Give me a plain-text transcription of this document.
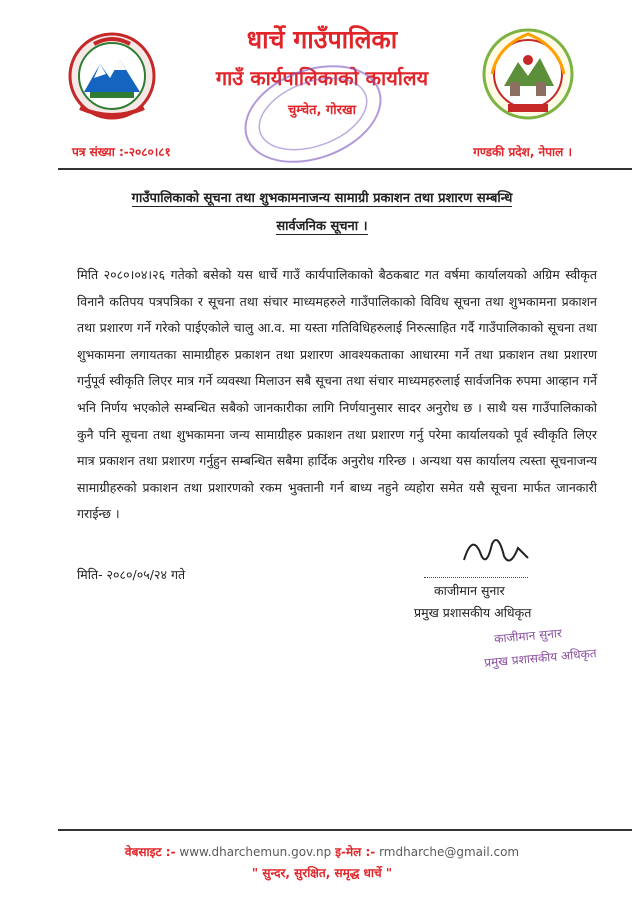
धार्चे गाउँपालिका
गाउँ कार्यपालिकाको कार्यालय
चुम्चेत, गोरखा
पत्र संख्या :-२०८०।८१	गण्डकी प्रदेश, नेपाल ।
गाउँपालिकाको सूचना तथा शुभकामनाजन्य सामाग्री प्रकाशन तथा प्रशारण सम्बन्धि
सार्वजनिक सूचना ।
मिति २०८०।०४।२६ गतेको बसेको यस धार्चे गाउँ कार्यपालिकाको बैठकबाट गत वर्षमा कार्यालयको अग्रिम स्वीकृत विनानै कतिपय पत्रपत्रिका र सूचना तथा संचार माध्यमहरुले गाउँपालिकाको विविध सूचना तथा शुभकामना प्रकाशन तथा प्रशारण गर्ने गरेको पाईएकोले चालु आ.व. मा यस्ता गतिविधिहरुलाई निरुत्साहित गर्दै गाउँपालिकाको सूचना तथा शुभकामना लगायतका सामाग्रीहरु प्रकाशन तथा प्रशारण आवश्यकताका आधारमा गर्ने तथा प्रकाशन तथा प्रशारण गर्नुपूर्व स्वीकृति लिएर मात्र गर्ने व्यवस्था मिलाउन सबै सूचना तथा संचार माध्यमहरुलाई सार्वजनिक रुपमा आव्हान गर्ने भनि निर्णय भएकोले सम्बन्धित सबैको जानकारीका लागि निर्णयानुसार सादर अनुरोध छ । साथै यस गाउँपालिकाको कुनै पनि सूचना तथा शुभकामना जन्य सामाग्रीहरु प्रकाशन तथा प्रशारण गर्नु परेमा कार्यालयको पूर्व स्वीकृति लिएर मात्र प्रकाशन तथा प्रशारण गर्नुहुन सम्बन्धित सबैमा हार्दिक अनुरोध गरिन्छ । अन्यथा यस कार्यालय त्यस्ता सूचनाजन्य सामाग्रीहरुको प्रकाशन तथा प्रशारणको रकम भुक्तानी गर्न बाध्य नहुने व्यहोरा समेत यसै सूचना मार्फत जानकारी गराईन्छ ।
मिति- २०८०/०५/२४ गते
काजीमान सुनार
प्रमुख प्रशासकीय अधिकृत
काजीमान सुनार
प्रमुख प्रशासकीय अधिकृत
वेबसाइट :- www.dharchemun.gov.np इ-मेल :- rmdharche@gmail.com
" सुन्दर, सुरक्षित, समृद्ध धार्चे "
